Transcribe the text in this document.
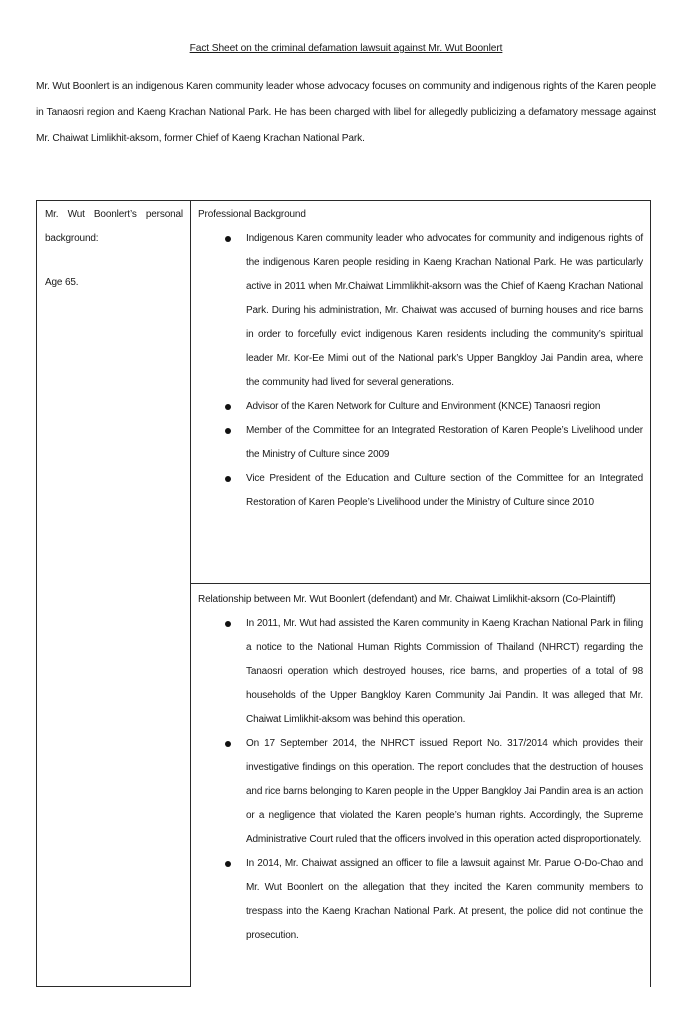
Fact Sheet on the criminal defamation lawsuit against Mr. Wut Boonlert
Mr. Wut Boonlert is an indigenous Karen community leader whose advocacy focuses on community and indigenous rights of the Karen people in Tanaosri region and Kaeng Krachan National Park. He has been charged with libel for allegedly publicizing a defamatory message against Mr. Chaiwat Limlikhit-aksom, former Chief of Kaeng Krachan National Park.
Mr. Wut Boonlert’s personal background:
Age 65.

Professional Background
Indigenous Karen community leader who advocates for community and indigenous rights of the indigenous Karen people residing in Kaeng Krachan National Park. He was particularly active in 2011 when Mr.Chaiwat Limmlikhit-aksorn was the Chief of Kaeng Krachan National Park. During his administration, Mr. Chaiwat was accused of burning houses and rice barns in order to forcefully evict indigenous Karen residents including the community’s spiritual leader Mr. Kor-Ee Mimi out of the National park’s Upper Bangkloy Jai Pandin area, where the community had lived for several generations.
Advisor of the Karen Network for Culture and Environment (KNCE) Tanaosri region
Member of the Committee for an Integrated Restoration of Karen People’s Livelihood under the Ministry of Culture since 2009
Vice President of the Education and Culture section of the Committee for an Integrated Restoration of Karen People’s Livelihood under the Ministry of Culture since 2010

Relationship between Mr. Wut Boonlert (defendant) and Mr. Chaiwat Limlikhit-aksorn (Co-Plaintiff)
In 2011, Mr. Wut had assisted the Karen community in Kaeng Krachan National Park in filing a notice to the National Human Rights Commission of Thailand (NHRCT) regarding the Tanaosri operation which destroyed houses, rice barns, and properties of a total of 98 households of the Upper Bangkloy Karen Community Jai Pandin. It was alleged that Mr. Chaiwat Limlikhit-aksom was behind this operation.
On 17 September 2014, the NHRCT issued Report No. 317/2014 which provides their investigative findings on this operation. The report concludes that the destruction of houses and rice barns belonging to Karen people in the Upper Bangkloy Jai Pandin area is an action or a negligence that violated the Karen people’s human rights. Accordingly, the Supreme Administrative Court ruled that the officers involved in this operation acted disproportionately.
In 2014, Mr. Chaiwat assigned an officer to file a lawsuit against Mr. Parue O-Do-Chao and Mr. Wut Boonlert on the allegation that they incited the Karen community members to trespass into the Kaeng Krachan National Park. At present, the police did not continue the prosecution.
